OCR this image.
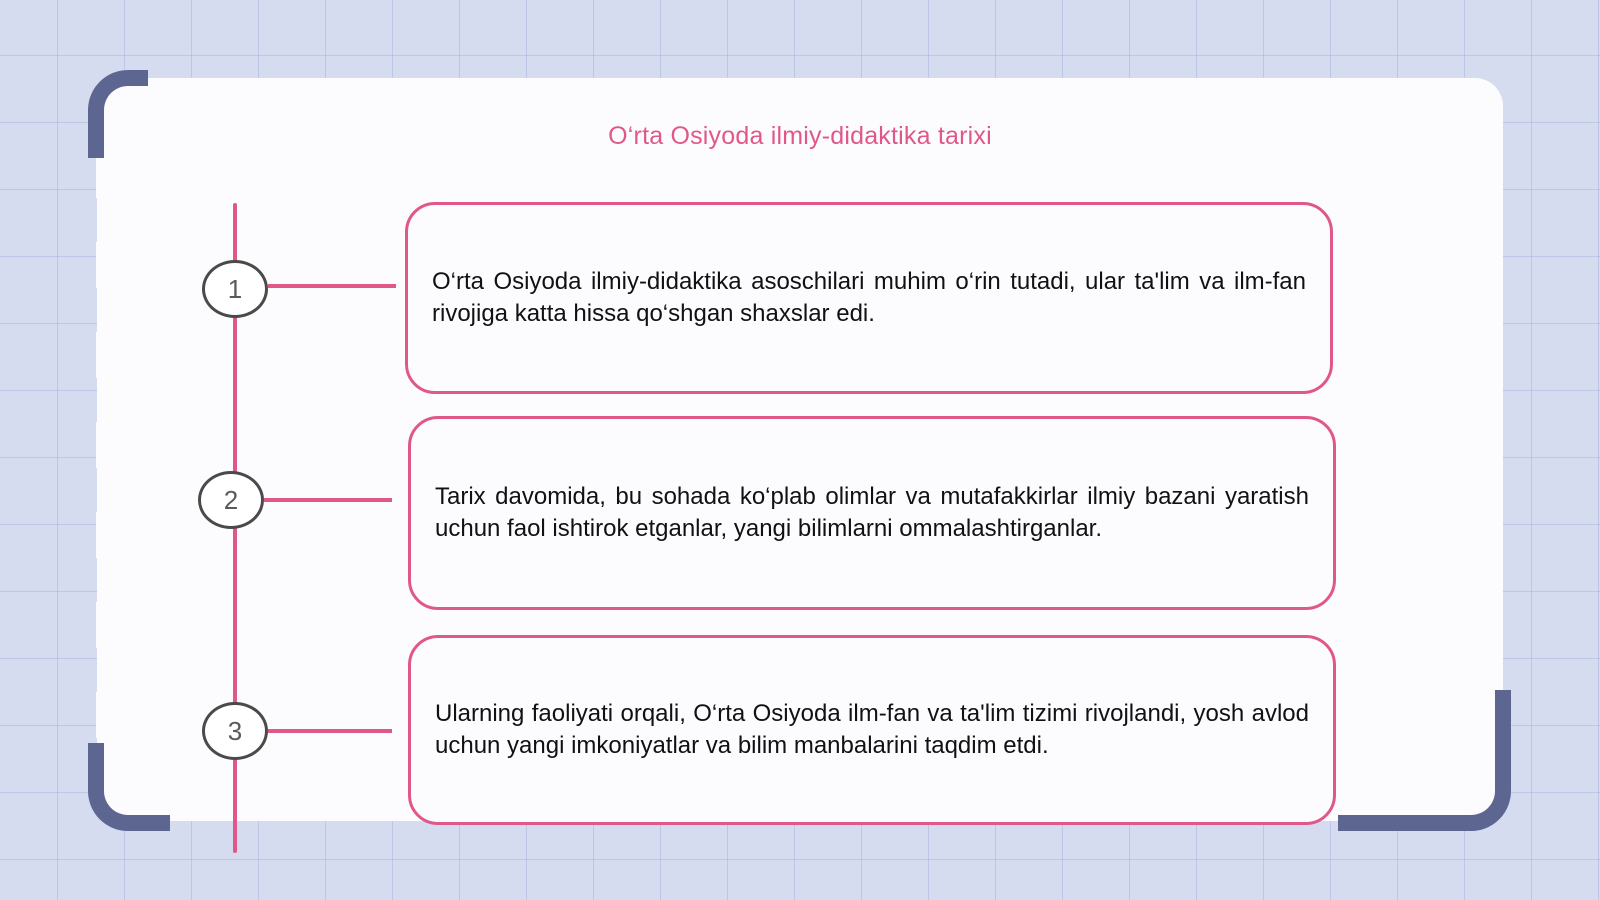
O‘rta Osiyoda ilmiy-didaktika tarixi
1	O‘rta Osiyoda ilmiy-didaktika asoschilari muhim o‘rin tutadi, ular ta'lim va ilm-fan rivojiga katta hissa qo‘shgan shaxslar edi.

2	Tarix davomida, bu sohada ko‘plab olimlar va mutafakkirlar ilmiy bazani yaratish uchun faol ishtirok etganlar, yangi bilimlarni ommalashtirganlar.

3

Ularning faoliyati orqali, O‘rta Osiyoda ilm-fan va ta'lim tizimi rivojlandi, yosh avlod uchun yangi imkoniyatlar va bilim manbalarini taqdim etdi.
